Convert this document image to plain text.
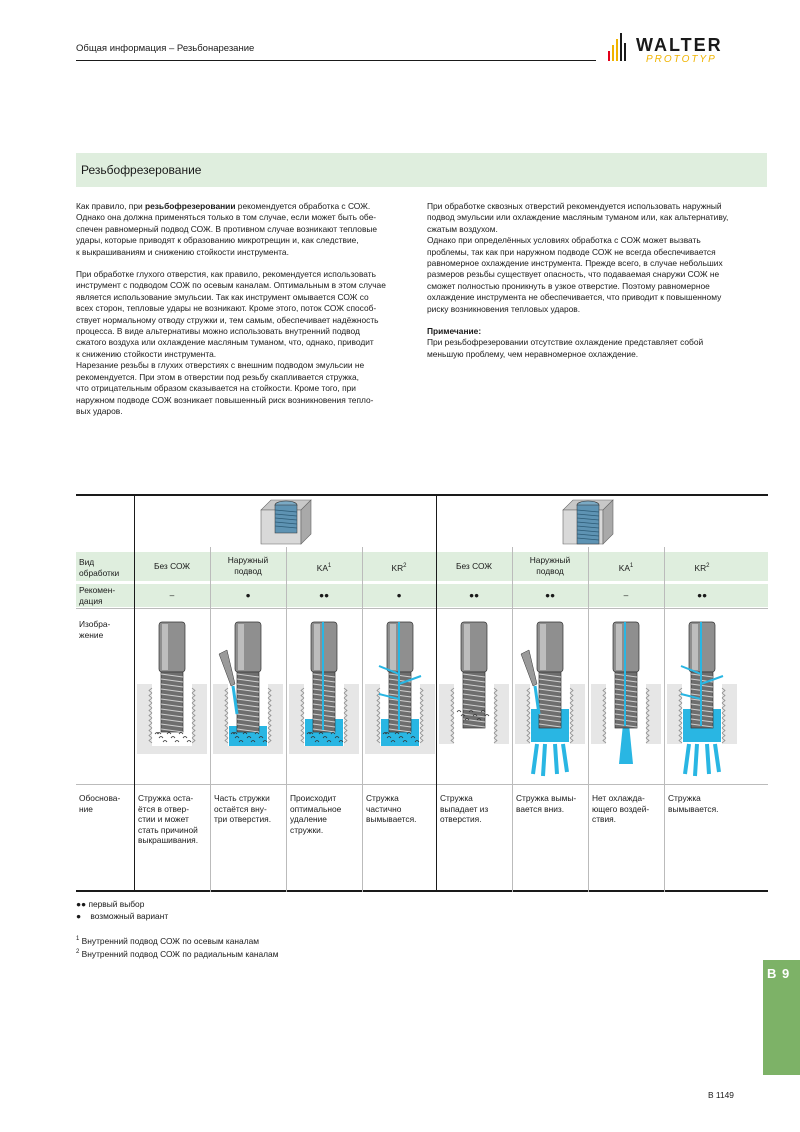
Общая информация – Резьбонарезание	WALTER
PROTOTYP
Резьбофрезерование

Как правило, при резьбофрезеровании рекомендуется обработка с СОЖ.
Однако она должна применяться только в том случае, если может быть обе-
спечен равномерный подвод СОЖ. В противном случае возникают тепловые
удары, которые приводят к образованию микротрещин и, как следствие,
к выкрашиваниям и снижению стойкости инструмента.

При обработке глухого отверстия, как правило, рекомендуется использовать
инструмент с подводом СОЖ по осевым каналам. Оптимальным в этом случае
является использование эмульсии. Так как инструмент омывается СОЖ со
всех сторон, тепловые удары не возникают. Кроме этого, поток СОЖ способ-
ствует нормальному отводу стружки и, тем самым, обеспечивает надёжность
процесса. В виде альтернативы можно использовать внутренний подвод
сжатого воздуха или охлаждение масляным туманом, что, однако, приводит
к снижению стойкости инструмента.
Нарезание резьбы в глухих отверстиях с внешним подводом эмульсии не
рекомендуется. При этом в отверстии под резьбу скапливается стружка,
что отрицательным образом сказывается на стойкости. Кроме того, при
наружном подводе СОЖ возникает повышенный риск возникновения тепло-
вых ударов.

При обработке сквозных отверстий рекомендуется использовать наружный
подвод эмульсии или охлаждение масляным туманом или, как альтернативу,
сжатым воздухом.
Однако при определённых условиях обработка с СОЖ может вызвать
проблемы, так как при наружном подводе СОЖ не всегда обеспечивается
равномерное охлаждение инструмента. Прежде всего, в случае небольших
размеров резьбы существует опасность, что подаваемая снаружи СОЖ не
сможет полностью проникнуть в узкое отверстие. Поэтому равномерное
охлаждение инструмента не обеспечивается, что приводит к повышенному
риску возникновения тепловых ударов.

Примечание:
При резьбофрезеровании отсутствие охлаждение представляет собой
меньшую проблему, чем неравномерное охлаждение.

Вид
обработки
Рекомен-
дация
Изобра-
жение
Обоснова-
ние
Без СОЖ
–
Стружка оста-
ётся в отвер-
стии и может
стать причиной
выкрашивания.
Наружный
подвод
●
Часть стружки
остаётся вну-
три отверстия.
$KA^1$
●●
Происходит
оптимальное
удаление
стружки.
$KR^2$
●
Стружка
частично
вымывается.
Без СОЖ
●●
Стружка
выпадает из
отверстия.
Наружный
подвод
●●
Стружка вымы-
вается вниз.
$KA^1$
–
Нет охлажда-
ющего воздей-
ствия.
$KR^2$
●●
Стружка
вымывается.
●● первый выбор
● возможный вариант
$^1$ Внутренний подвод СОЖ по осевым каналам
$^2$ Внутренний подвод СОЖ по радиальным каналам
B 9
B 1149
